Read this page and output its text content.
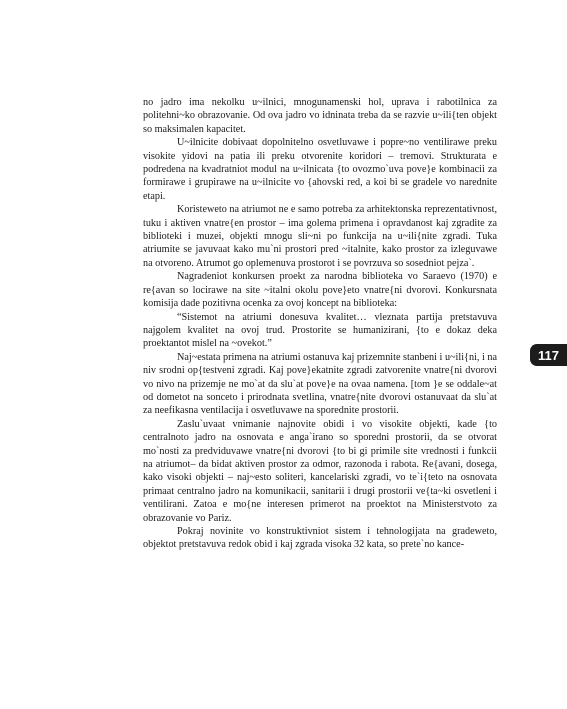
no jadro ima nekolku u~ilnici, mnogunamenski hol, uprava i rabotilnica za politehni~ko obrazovanie. Od ova jadro vo idninata treba da se razvie u~ili{ten objekt so maksimalen kapacitet.

U~ilnicite dobivaat dopolnitelno osvetluvawe i popre~no ventilirawe preku visokite yidovi na patia ili preku otvorenite koridori – tremovi. Strukturata e podredena na kvadratniot modul na u~ilnicata {to ovozmo`uva pove}e kombinacii za formirawe i grupirawe na u~ilnicite vo {ahovski red, a koi bi se gradele vo narednite etapi.

Koristeweto na atriumot ne e samo potreba za arhitektonska reprezentativnost, tuku i aktiven vnatre{en prostor – ima golema primena i opravdanost kaj zgradite za biblioteki i muzei, objekti mnogu sli~ni po funkcija na u~ili{nite zgradi. Tuka atriumite se javuvaat kako mu`ni prostori pred ~italnite, kako prostor za izleguvawe na otvoreno. Atrumot go oplemenuva prostorot i se povrzuva so sosedniot pejza`.

Nagradeniot konkursen proekt za narodna biblioteka vo Saraevo (1970) e re{avan so locirawe na site ~italni okolu pove}eto vnatre{ni dvorovi. Konkursnata komisija dade pozitivna ocenka za ovoj koncept na biblioteka:

“Sistemot na atriumi donesuva kvalitet… vleznata partija pretstavuva najgolem kvalitet na ovoj trud. Prostorite se humanizirani, {to e dokaz deka proektantot mislel na ~ovekot.”

Naj~estata primena na atriumi ostanuva kaj prizemnite stanbeni i u~ili{ni, i na niv srodni op{testveni zgradi. Kaj pove}ekatnite zgradi zatvorenite vnatre{ni dvorovi vo nivo na prizemje ne mo`at da slu`at pove}e na ovaa namena. [tom }e se oddale~at od dometot na sonceto i prirodnata svetlina, vnatre{nite dvorovi ostanuvaat da slu`at za neefikasna ventilacija i osvetluvawe na sporednite prostorii.

Zaslu`uvaat vnimanie najnovite obidi i vo visokite objekti, kade {to centralnoto jadro na osnovata e anga`irano so sporedni prostorii, da se otvorat mo`nosti za predviduvawe vnatre{ni dvorovi {to bi gi primile site vrednosti i funkcii na atriumot– da bidat aktiven prostor za odmor, razonoda i rabota. Re{avani, dosega, kako visoki objekti – naj~esto soliteri, kancelariski zgradi, vo te`i{teto na osnovata primaat centralno jadro na komunikacii, sanitarii i drugi prostorii ve{ta~ki osvetleni i ventilirani. Zatoa e mo{ne interesen primerot na proektot na Ministerstvoto za obrazovanie vo Pariz.

Pokraj novinite vo konstruktivniot sistem i tehnologijata na gradeweto, objektot pretstavuva redok obid i kaj zgrada visoka 32 kata, so prete`no kance-

117
